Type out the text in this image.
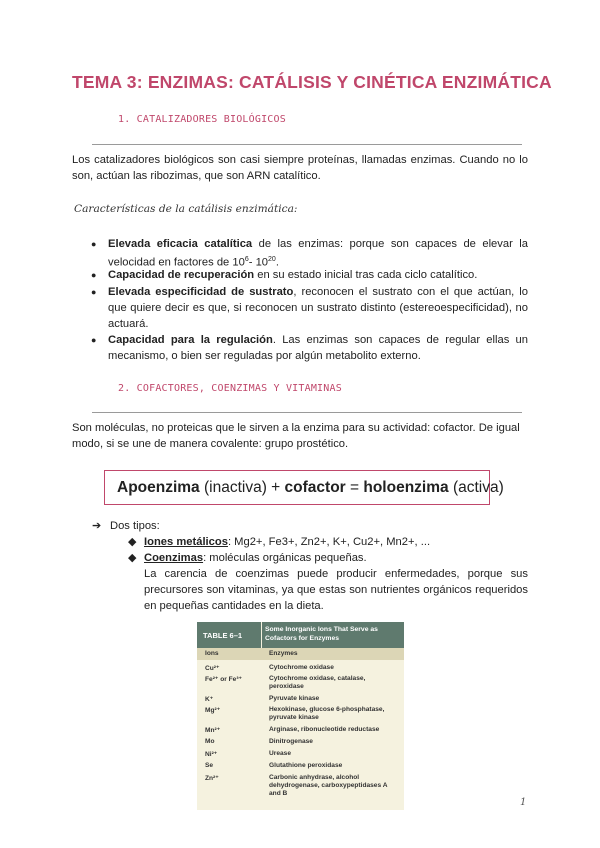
TEMA 3: ENZIMAS: CATÁLISIS Y CINÉTICA ENZIMÁTICA
1. CATALIZADORES BIOLÓGICOS
Los catalizadores biológicos son casi siempre proteínas, llamadas enzimas. Cuando no lo son, actúan las ribozimas, que son ARN catalítico.
Características de la catálisis enzimática:
● Elevada eficacia catalítica de las enzimas: porque son capaces de elevar la velocidad en factores de $10^6-$ $10^{20}$.
● Capacidad de recuperación en su estado inicial tras cada ciclo catalítico.
● Elevada especificidad de sustrato, reconocen el sustrato con el que actúan, lo que quiere decir es que, si reconocen un sustrato distinto (estereoespecificidad), no actuará.
● Capacidad para la regulación. Las enzimas son capaces de regular ellas un mecanismo, o bien ser reguladas por algún metabolito externo.
2. COFACTORES, COENZIMAS Y VITAMINAS
Son moléculas, no proteicas que le sirven a la enzima para su actividad: cofactor. De igual modo, si se une de manera covalente: grupo prostético.
Apoenzima (inactiva) + cofactor = holoenzima (activa)
➔ Dos tipos:
◆ Iones metálicos: Mg2+, Fe3+, Zn2+, K+, Cu2+, Mn2+, ...
◆ Coenzimas: moléculas orgánicas pequeñas.
La carencia de coenzimas puede producir enfermedades, porque sus precursores son vitaminas, ya que estas son nutrientes orgánicos requeridos en pequeñas cantidades en la dieta.
TABLE 6–1
Some Inorganic Ions That Serve as Cofactors for Enzymes
Ions	Enzymes
Cu²⁺	Cytochrome oxidase
Fe²⁺ or Fe³⁺	Cytochrome oxidase, catalase, peroxidase
K⁺	Pyruvate kinase
Mg²⁺	Hexokinase, glucose 6-phosphatase, pyruvate kinase
Mn²⁺	Arginase, ribonucleotide reductase
Mo	Dinitrogenase
Ni²⁺	Urease
Se	Glutathione peroxidase
Zn²⁺	Carbonic anhydrase, alcohol dehydrogenase, carboxypeptidases A and B
1
